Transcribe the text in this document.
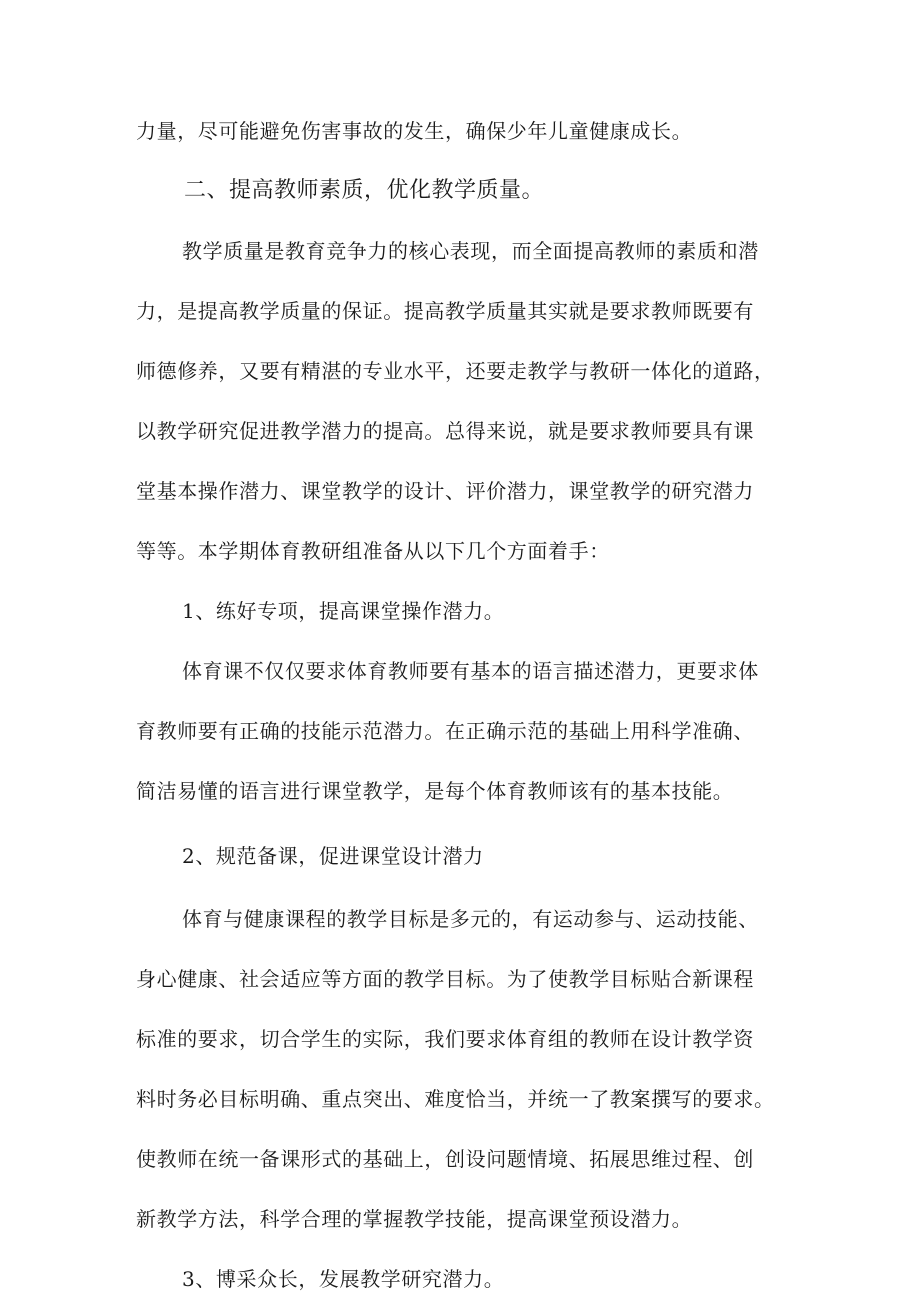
力量，尽可能避免伤害事故的发生，确保少年儿童健康成长。
二、提高教师素质，优化教学质量。
教学质量是教育竞争力的核心表现，而全面提高教师的素质和潜
力，是提高教学质量的保证。提高教学质量其实就是要求教师既要有
师德修养，又要有精湛的专业水平，还要走教学与教研一体化的道路，
以教学研究促进教学潜力的提高。总得来说，就是要求教师要具有课
堂基本操作潜力、课堂教学的设计、评价潜力，课堂教学的研究潜力
等等。本学期体育教研组准备从以下几个方面着手：
1、练好专项，提高课堂操作潜力。
体育课不仅仅要求体育教师要有基本的语言描述潜力，更要求体
育教师要有正确的技能示范潜力。在正确示范的基础上用科学准确、
简洁易懂的语言进行课堂教学，是每个体育教师该有的基本技能。
2、规范备课，促进课堂设计潜力
体育与健康课程的教学目标是多元的，有运动参与、运动技能、
身心健康、社会适应等方面的教学目标。为了使教学目标贴合新课程
标准的要求，切合学生的实际，我们要求体育组的教师在设计教学资
料时务必目标明确、重点突出、难度恰当，并统一了教案撰写的要求。
使教师在统一备课形式的基础上，创设问题情境、拓展思维过程、创
新教学方法，科学合理的掌握教学技能，提高课堂预设潜力。
3、博采众长，发展教学研究潜力。
